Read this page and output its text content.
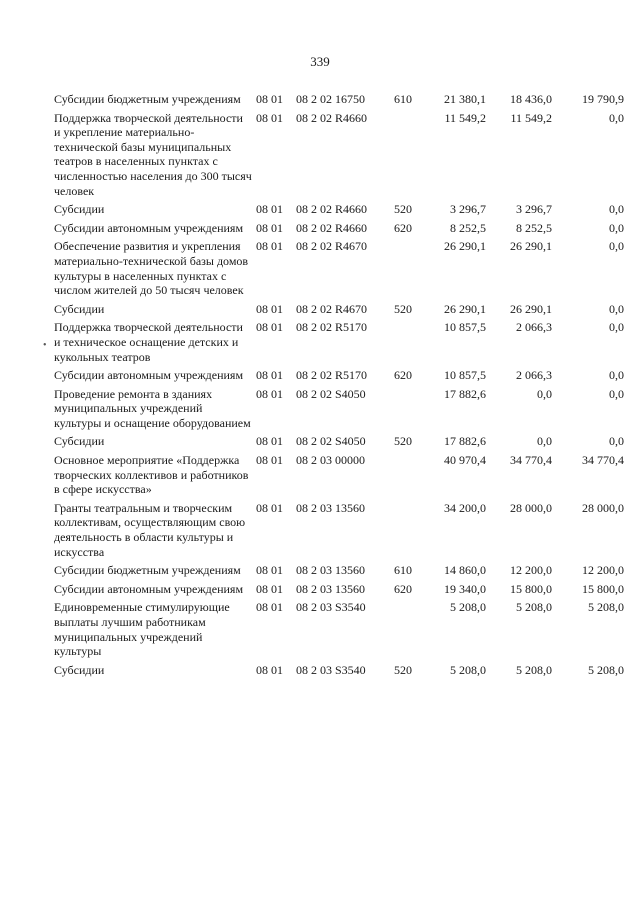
339
Субсидии бюджетным учреждениям	08 01	08 2 02 16750	610	21 380,1	18 436,0	19 790,9
Поддержка творческой деятельности и укрепление материально-технической базы муниципальных театров в населенных пунктах с численностью населения до 300 тысяч человек	08 01	08 2 02 R4660		11 549,2	11 549,2	0,0
Субсидии	08 01	08 2 02 R4660	520	3 296,7	3 296,7	0,0
Субсидии автономным учреждениям	08 01	08 2 02 R4660	620	8 252,5	8 252,5	0,0
Обеспечение развития и укрепления материально-технической базы домов культуры в населенных пунктах с числом жителей до 50 тысяч человек	08 01	08 2 02 R4670		26 290,1	26 290,1	0,0
Субсидии	08 01	08 2 02 R4670	520	26 290,1	26 290,1	0,0
Поддержка творческой деятельности и техническое оснащение детских и кукольных театров	08 01	08 2 02 R5170		10 857,5	2 066,3	0,0
Субсидии автономным учреждениям	08 01	08 2 02 R5170	620	10 857,5	2 066,3	0,0
Проведение ремонта в зданиях муниципальных учреждений культуры и оснащение оборудованием	08 01	08 2 02 S4050		17 882,6	0,0	0,0
Субсидии	08 01	08 2 02 S4050	520	17 882,6	0,0	0,0
Основное мероприятие «Поддержка творческих коллективов и работников в сфере искусства»	08 01	08 2 03 00000		40 970,4	34 770,4	34 770,4
Гранты театральным и творческим коллективам, осуществляющим свою деятельность в области культуры и искусства	08 01	08 2 03 13560		34 200,0	28 000,0	28 000,0
Субсидии бюджетным учреждениям	08 01	08 2 03 13560	610	14 860,0	12 200,0	12 200,0
Субсидии автономным учреждениям	08 01	08 2 03 13560	620	19 340,0	15 800,0	15 800,0
Единовременные стимулирующие выплаты лучшим работникам муниципальных учреждений культуры	08 01	08 2 03 S3540		5 208,0	5 208,0	5 208,0
Субсидии	08 01	08 2 03 S3540	520	5 208,0	5 208,0	5 208,0
•
